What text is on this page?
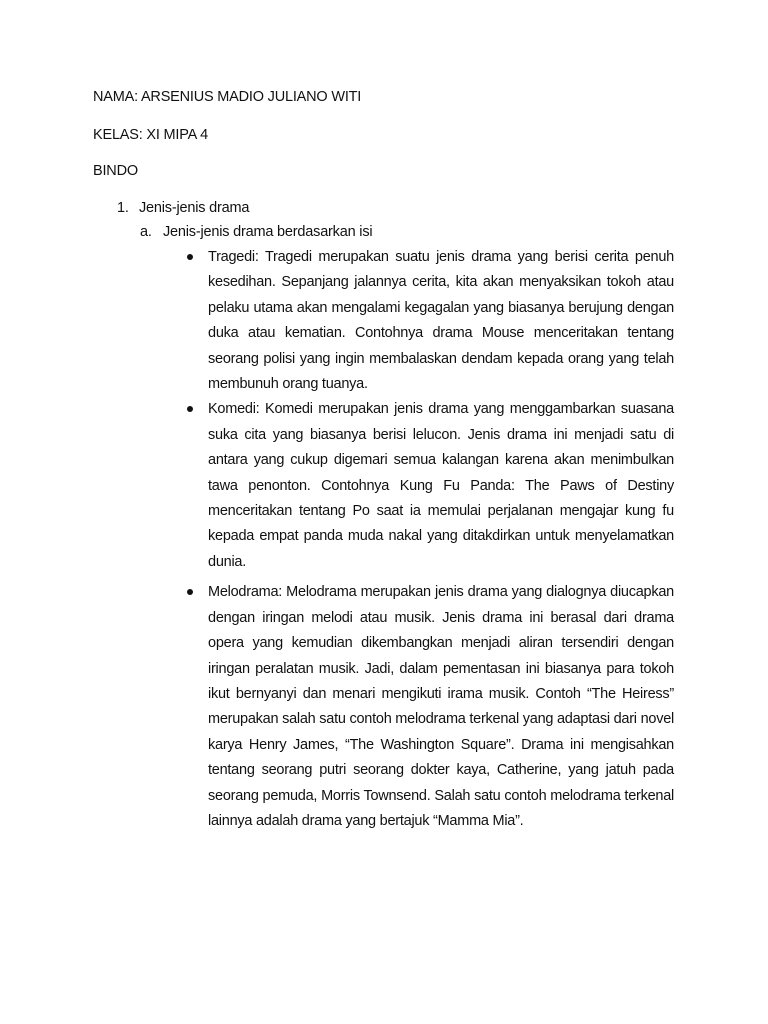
NAMA: ARSENIUS MADIO JULIANO WITI
KELAS: XI MIPA 4
BINDO
1. Jenis-jenis drama
a. Jenis-jenis drama berdasarkan isi
Tragedi: Tragedi merupakan suatu jenis drama yang berisi cerita penuh kesedihan. Sepanjang jalannya cerita, kita akan menyaksikan tokoh atau pelaku utama akan mengalami kegagalan yang biasanya berujung dengan duka atau kematian. Contohnya drama Mouse menceritakan tentang seorang polisi yang ingin membalaskan dendam kepada orang yang telah membunuh orang tuanya.
Komedi: Komedi merupakan jenis drama yang menggambarkan suasana suka cita yang biasanya berisi lelucon. Jenis drama ini menjadi satu di antara yang cukup digemari semua kalangan karena akan menimbulkan tawa penonton. Contohnya Kung Fu Panda: The Paws of Destiny menceritakan tentang Po saat ia memulai perjalanan mengajar kung fu kepada empat panda muda nakal yang ditakdirkan untuk menyelamatkan dunia.
Melodrama: Melodrama merupakan jenis drama yang dialognya diucapkan dengan iringan melodi atau musik. Jenis drama ini berasal dari drama opera yang kemudian dikembangkan menjadi aliran tersendiri dengan iringan peralatan musik. Jadi, dalam pementasan ini biasanya para tokoh ikut bernyanyi dan menari mengikuti irama musik. Contoh “The Heiress” merupakan salah satu contoh melodrama terkenal yang adaptasi dari novel karya Henry James, “The Washington Square”. Drama ini mengisahkan tentang seorang putri seorang dokter kaya, Catherine, yang jatuh pada seorang pemuda, Morris Townsend. Salah satu contoh melodrama terkenal lainnya adalah drama yang bertajuk “Mamma Mia”.
